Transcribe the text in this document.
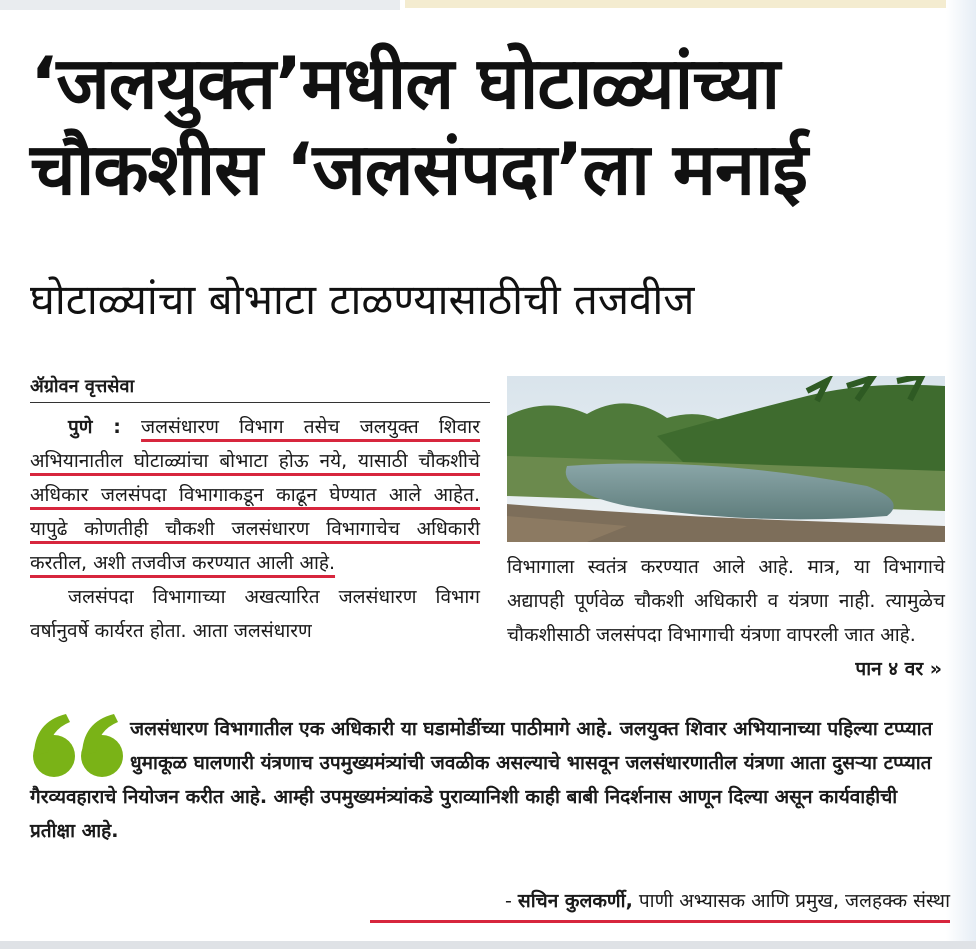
‘जलयुक्त’मधील घोटाळ्यांच्या
चौकशीस ‘जलसंपदा’ला मनाई
घोटाळ्यांचा बोभाटा टाळण्यासाठीची तजवीज
ॲग्रोवन वृत्तसेवा

पुणे : जलसंधारण विभाग तसेच जलयुक्त शिवार अभियानातील घोटाळ्यांचा बोभाटा होऊ नये, यासाठी चौकशीचे अधिकार जलसंपदा विभागाकडून काढून घेण्यात आले आहेत. यापुढे कोणतीही चौकशी जलसंधारण विभागाचेच अधिकारी करतील, अशी तजवीज करण्यात आली आहे.

जलसंपदा विभागाच्या अखत्यारित जलसंधारण विभाग वर्षानुवर्षे कार्यरत होता. आता जलसंधारण

विभागाला स्वतंत्र करण्यात आले आहे. मात्र, या विभागाचे अद्यापही पूर्णवेळ चौकशी अधिकारी व यंत्रणा नाही. त्यामुळेच चौकशीसाठी जलसंपदा विभागाची यंत्रणा वापरली जात आहे.

पान ४ वर »
जलसंधारण विभागातील एक अधिकारी या घडामोडींच्या पाठीमागे आहे. जलयुक्त शिवार अभियानाच्या पहिल्या टप्प्यात धुमाकूळ घालणारी यंत्रणाच उपमुख्यमंत्र्यांची जवळीक असल्याचे भासवून जलसंधारणातील यंत्रणा आता दुसऱ्या टप्प्यात गैरव्यवहाराचे नियोजन करीत आहे. आम्ही उपमुख्यमंत्र्यांकडे पुराव्यानिशी काही बाबी निदर्शनास आणून दिल्या असून कार्यवाहीची प्रतीक्षा आहे.
- सचिन कुलकर्णी, पाणी अभ्यासक आणि प्रमुख, जलहक्क संस्था
